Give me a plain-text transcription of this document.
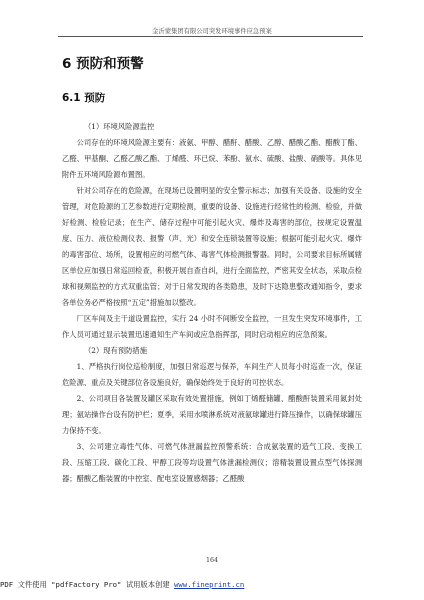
金沂蒙集团有限公司突发环境事件应急预案
6 预防和预警
6.1 预防

（1）环境风险源监控

公司存在的环境风险源主要有：液氨、甲醇、醋酐、醋酸、乙醇、醋酸乙酯、醋酸丁酯、乙醛、甲基酮、乙醛乙酸乙酯、丁烯醛、环已烷、苯酚、氨水、硫酸、盐酸、硝酸等。具体见附件五环境风险源布置图。

针对公司存在的危险源，在现场已设置明显的安全警示标志；加强有关设备、设施的安全管理，对危险源的工艺参数进行定期检测，重要的设备、设施进行经常性的检测、检验，并做好检测、检验记录；在生产、储存过程中可能引起火灾、爆炸及毒害的部位，按规定设置温度、压力、液位检测仪表、报警（声、光）和安全连锁装置等设施；根据可能引起火灾、爆炸的毒害部位、场所，设置相应的可燃气体、毒害气体检测报警器。同时，公司要求目标所属辖区单位应加强日常巡回检查，积极开展自查自纠，进行全面监控，严密其安全状态，采取点检球和视频监控的方式双重监管；对于日常发现的各类隐患，及时下达隐患整改通知指令，要求各单位务必严格按照“五定”措施加以整改。

厂区车间及主干道设置监控，实行 24 小时不间断安全监控，一旦发生突发环境事件，工作人员可通过显示装置迅速通知生产车间或应急指挥部，同时启动相应的应急预案。

（2）现有预防措施

1、严格执行岗位巡检制度，加强日常巡逻与保养，车间生产人员每小时巡查一次，保证危险源、重点及关键部位各设施良好，确保始终处于良好的可控状态。

2、公司项目各装置及罐区采取有效处置措施，例如丁烯醛储罐、醋酸酐装置采用氮封处理；氨站操作台设有防护栏；夏季，采用水喷淋系统对液氨球罐进行降压操作，以确保球罐压力保持不变。

3、公司建立毒性气体、可燃气体泄漏监控预警系统：合成氨装置的造气工段、变换工段、压缩工段、碳化工段、甲醇工段等均设置气体泄漏检测仪；溶精装置设置点型气体探测器；醋酸乙酯装置的中控室、配电室设置感烟器；乙醛酸

164
PDF 文件使用 "pdfFactory Pro" 试用版本创建 www.fineprint.cn
